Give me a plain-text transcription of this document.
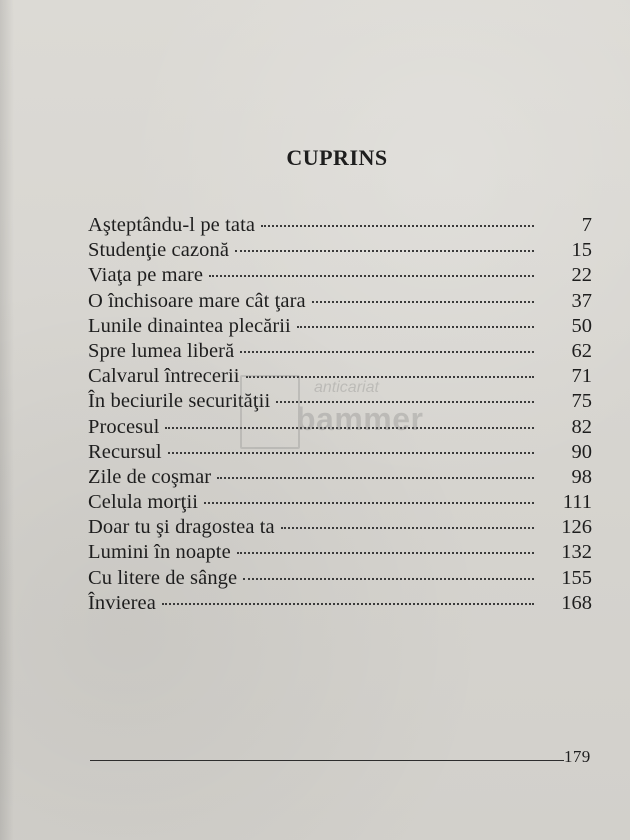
CUPRINS
Aşteptându-l pe tata	7
Studenţie cazonă	15
Viaţa pe mare	22
O închisoare mare cât ţara	37
Lunile dinaintea plecării	50
Spre lumea liberă	62
Calvarul întrecerii	71
În beciurile securităţii	75
Procesul	82
Recursul	90
Zile de coşmar	98
Celula morţii	111
Doar tu şi dragostea ta	126
Lumini în noapte	132
Cu litere de sânge	155
Învierea	168
anticariat
bammer
179
